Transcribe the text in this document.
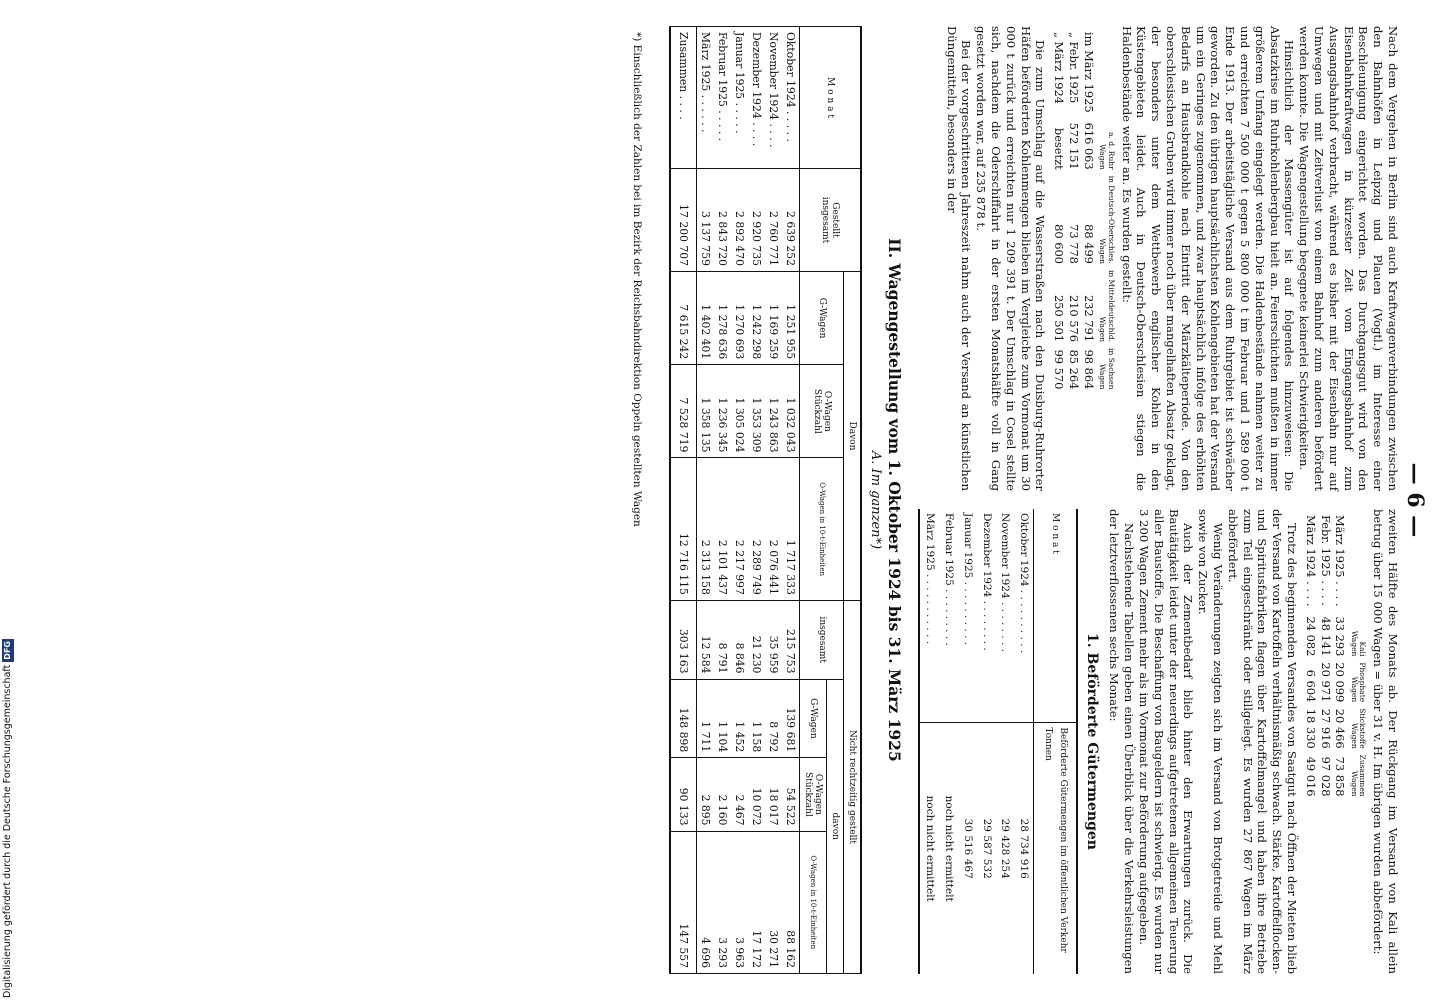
— 6 —

Nach dem Vergehen in Berlin sind auch Kraftwagenverbindungen zwischen den Bahnhöfen in Leipzig und Plauen (Vogtl.) im Interesse einer Beschleunigung eingerichtet worden. Das Durchgangsgut wird von den Eisenbahnkraftwagen in kürzester Zeit vom Eingangsbahnhof zum Ausgangsbahnhof verbracht, während es bisher mit der Eisenbahn nur auf Umwegen und mit Zeitverlust von einem Bahnhof zum anderen befördert werden konnte. Die Wagengestellung begegnete keinerlei Schwierigkeiten.

Hinsichtlich der Massengüter ist auf folgendes hinzuweisen: Die Absatzkrise im Ruhrkohlenbergbau hielt an. Feierschichten mußten in immer größerem Umfang eingelegt werden. Die Haldenbestände nahmen weiter zu und erreichten 7 500 000 t gegen 5 800 000 t im Februar und 1 589 000 t Ende 1913. Der arbeitstägliche Versand aus dem Ruhrgebiet ist schwächer geworden. Zu den übrigen hauptsächlichsten Kohlengebieten hat der Versand um ein Geringes zugenommen, und zwar hauptsächlich infolge des erhöhten Bedarfs an Hausbrandkohle nach Eintritt der Märzkälteperiode. Von den oberschlesischen Gruben wird immer noch über mangelhaften Absatz geklagt, der besonders unter dem Wettbewerb englischer Kohlen in den Küstengebieten leidet. Auch in Deutsch-Oberschlesien stiegen die Haldenbestände weiter an. Es wurden gestellt:

	a. d. Ruhr
Wagen	in Deutsch-Oberschles.
Wagen	in Mitteldeutschld.
Wagen	in Sachsen
Wagen
im März 1925	616 063	88 499	232 791	98 864
„ Febr. 1925	572 151	73 778	210 576	85 264
„ März 1924	besetzt	80 600	250 501	99 570

Die zum Umschlag auf die Wasserstraßen nach den Duisburg-Ruhrorter Häfen beförderten Kohlenmengen blieben im Vergleiche zum Vormonat um 30 000 t zurück und erreichten nur 1 209 391 t. Der Umschlag in Cosel stellte sich, nachdem die Oderschiffahrt in der ersten Monatshälfte voll in Gang gesetzt worden war, auf 235 878 t.

Bei der vorgeschrittenen Jahreszeit nahm auch der Versand an künstlichen Düngemitteln, besonders in der

zweiten Hälfte des Monats ab. Der Rückgang im Versand von Kali allein betrug über 15 000 Wagen = über 31 v. H. Im übrigen wurden abbefördert:

	Kali
Wagen	Phosphate
Wagen	Stickstoffe
Wagen	Zusammen
Wagen
März 1925 . . . .	33 293	20 099	20 466	73 858
Febr. 1925 . . . .	48 141	20 971	27 916	97 028
März 1924 . . . .	24 082	6 604	18 330	49 016

Trotz des beginnenden Versandes von Saatgut nach Öffnen der Mieten blieb der Versand von Kartoffeln verhältnismäßig schwach. Stärke, Kartoffelflocken- und Spiritusfabriken flagen über Kartoffelmangel und haben ihre Betriebe zum Teil eingeschränkt oder stillgelegt. Es wurden 27 867 Wagen im März abbefördert.

Wenig Veränderungen zeigten sich im Versand von Brotgetreide und Mehl sowie von Zucker.

Auch der Zementbedarf blieb hinter den Erwartungen zurück. Die Bautätigkeit leidet unter der neuerdings aufgetretenen allgemeinen Teuerung aller Baustoffe. Die Beschaffung von Baugeldern ist schwierig. Es wurden nur 3 200 Wagen Zement mehr als im Vormonat zur Beförderung aufgegeben.

Nachstehende Tabellen geben einen Überblick über die Verkehrsleistungen der letztverflossenen sechs Monate:

1. Beförderte Gütermengen
M o n a t	Beförderte Gütermengen im öffentlichen Verkehr
Tonnen
Oktober 1924 . . . . . . . . . .	28 734 916
November 1924 . . . . . . . .	29 428 254
Dezember 1924 . . . . . . . .	29 587 532
Januar 1925 . . . . . . . . . .	30 516 467
Februar 1925 . . . . . . . . .	noch nicht ermittelt
März 1925 . . . . . . . . . . .	noch nicht ermittelt
II. Wagengestellung vom 1. Oktober 1924 bis 31. März 1925
A. Im ganzen*)
M o n a t	Gestellt
insgesamt	Davon			Nicht rechtzeitig gestellt			
		G-Wagen	O-Wagen
Stückzahl	O-Wagen in 10-t-Einheiten	insgesamt	davon		
						G-Wagen	O-Wagen
Stückzahl	O-Wagen in 10-t-Einheiten
Oktober 1924 . . . . .	2 639 252	1 251 955	1 032 043	1 717 333	215 753	139 681	54 522	88 162
November 1924 . . . .	2 760 771	1 169 259	1 243 863	2 076 441	35 959	8 792	18 017	30 271
Dezember 1924 . . . .	2 920 735	1 242 298	1 353 309	2 289 749	21 230	1 158	10 072	17 172
Januar 1925 . . . . .	2 892 470	1 270 693	1 305 024	2 217 997	8 846	1 452	2 467	3 963
Februar 1925 . . . . .	2 843 720	1 278 636	1 236 345	2 101 437	8 791	1 104	2 160	3 293
März 1925 . . . . . .	3 137 759	1 402 401	1 358 135	2 313 158	12 584	1 711	2 895	4 696
Zusammen . . . .	17 200 707	7 615 242	7 528 719	12 716 115	303 163	148 898	90 133	147 557
*) Einschließlich der Zahlen bei im Bezirk der Reichsbahndirektion Oppeln gestellten Wagen
Digitalisierung gefördert durch die Deutsche ForschungsgemeinschaftDFG
